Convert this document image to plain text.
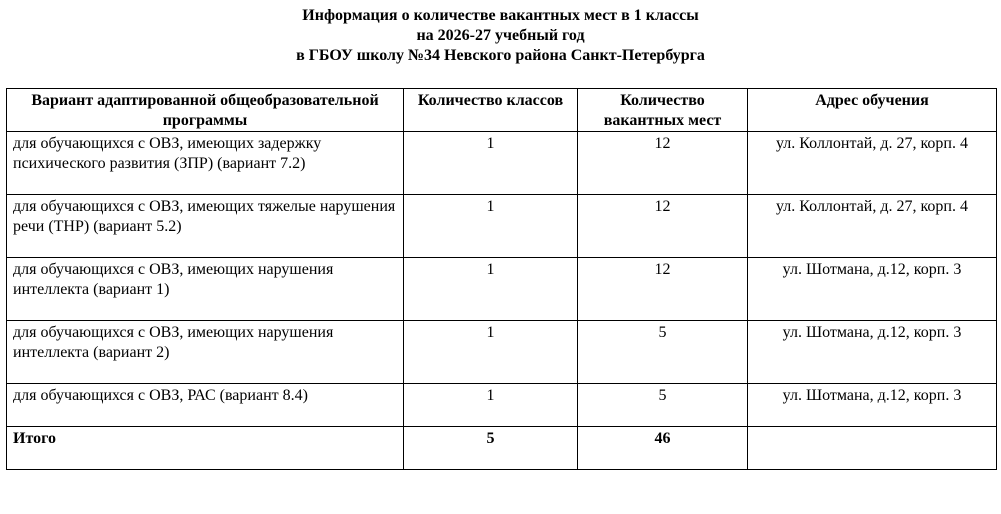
Информация о количестве вакантных мест в 1 классы
на 2026-27 учебный год
в ГБОУ школу №34 Невского района Санкт-Петербурга
Вариант адаптированной общеобразовательной программы	Количество классов	Количество вакантных мест	Адрес обучения
для обучающихся с ОВЗ, имеющих задержку психического развития (ЗПР) (вариант 7.2)	1	12	ул. Коллонтай, д. 27, корп. 4
для обучающихся с ОВЗ, имеющих тяжелые нарушения речи (ТНР) (вариант 5.2)	1	12	ул. Коллонтай, д. 27, корп. 4
для обучающихся с ОВЗ, имеющих нарушения интеллекта (вариант 1)	1	12	ул. Шотмана, д.12, корп. 3
для обучающихся с ОВЗ, имеющих нарушения интеллекта (вариант 2)	1	5	ул. Шотмана, д.12, корп. 3
для обучающихся с ОВЗ, РАС (вариант 8.4)	1	5	ул. Шотмана, д.12, корп. 3
Итого	5	46	
